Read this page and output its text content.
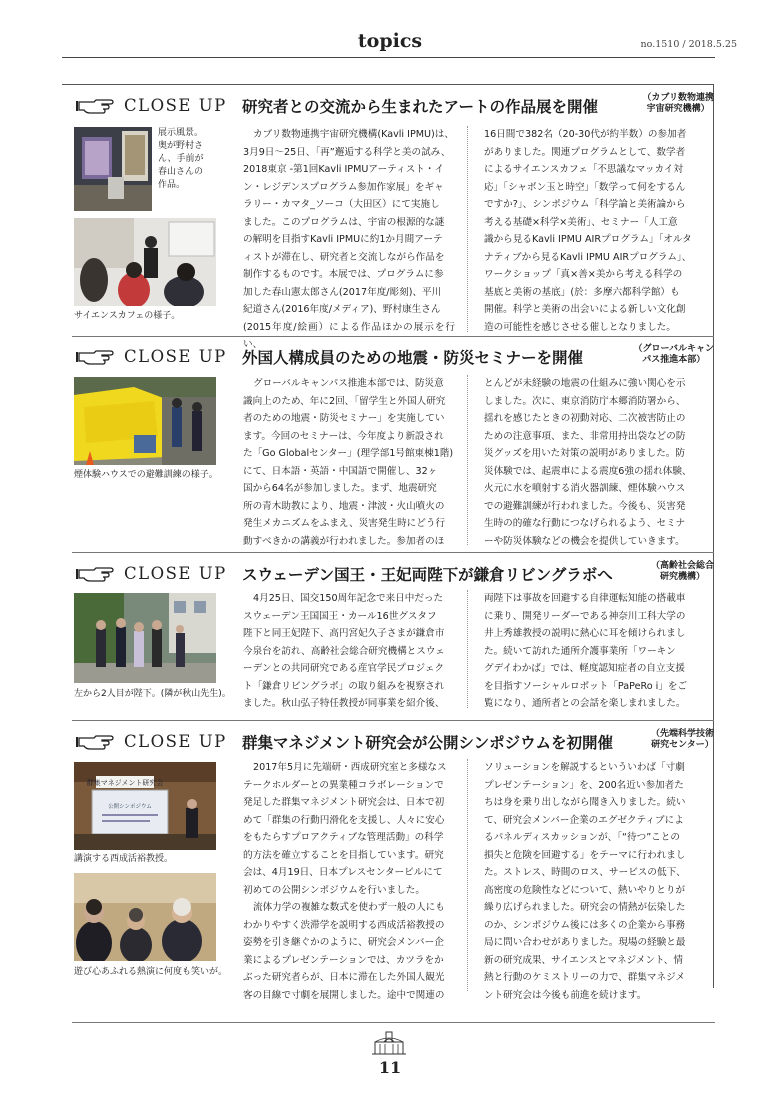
topics	no.1510 / 2018.5.25
CLOSE UP 研究者との交流から生まれたアートの作品展を開催	（カブリ数物連携
宇宙研究機構）
展示風景。
奥が野村さ
ん、手前が
春山さんの
作品。
サイエンスカフェの様子。
カブリ数物連携宇宙研究機構(Kavli IPMU)は、
3月9日〜25日、「再”邂逅する科学と美の試み、
2018東京 -第1回Kavli IPMUアーティスト・イ
ン・レジデンスプログラム参加作家展」をギャ
ラリー・カマタ_ソーコ（大田区）にて実施し
ました。このプログラムは、宇宙の根源的な謎
の解明を目指すKavli IPMUに約1か月間アーテ
ィストが滞在し、研究者と交流しながら作品を
制作するものです。本展では、プログラムに参
加した春山憲太郎さん(2017年度/彫刻)、平川
紀道さん(2016年度/メディア)、野村康生さん
(2015年度/絵画）による作品ほかの展示を行い、
16日間で382名（20-30代が約半数）の参加者
がありました。関連プログラムとして、数学者
によるサイエンスカフェ「不思議なマッカイ対
応」「シャボン玉と時空」「数学って何をするん
ですか?」、シンポジウム「科学論と美術論から
考える基礎×科学×美術」、セミナー「人工意
識から見るKavli IPMU AIRプログラム」「オルタ
ナティブから見るKavli IPMU AIRプログラム」、
ワークショップ「真×善×美から考える科学の
基底と美術の基底」(於：多摩六都科学館）も
開催。科学と美術の出会いによる新しい文化創
造の可能性を感じさせる催しとなりました。
CLOSE UP 外国人構成員のための地震・防災セミナーを開催	（グローバルキャン
パス推進本部）
煙体験ハウスでの避難訓練の様子。
グローバルキャンパス推進本部では、防災意
識向上のため、年に2回、「留学生と外国人研究
者のための地震・防災セミナー」を実施してい
ます。今回のセミナーは、今年度より新設され
た「Go Globalセンター」(理学部1号館東棟1階)
にて、日本語・英語・中国語で開催し、32ヶ
国から64名が参加しました。まず、地震研究
所の青木助教により、地震・津波・火山噴火の
発生メカニズムをふまえ、災害発生時にどう行
動すべきかの講義が行われました。参加者のほ
とんどが未経験の地震の仕組みに強い関心を示
しました。次に、東京消防庁本郷消防署から、
揺れを感じたときの初動対応、二次被害防止の
ための注意事項、また、非常用持出袋などの防
災グッズを用いた対策の説明がありました。防
災体験では、起震車による震度6強の揺れ体験、
火元に水を噴射する消火器訓練、煙体験ハウス
での避難訓練が行われました。今後も、災害発
生時の的確な行動につなげられるよう、セミナ
ーや防災体験などの機会を提供していきます。
CLOSE UP スウェーデン国王・王妃両陛下が鎌倉リビングラボへ	（高齢社会総合
研究機構）
左から2人目が陛下。(隣が秋山先生)。
4月25日、国交150周年記念で来日中だった
スウェーデン王国国王・カール16世グスタフ
陛下と同王妃陛下、高円宮妃久子さまが鎌倉市
今泉台を訪れ、高齢社会総合研究機構とスウェ
ーデンとの共同研究である産官学民プロジェク
ト「鎌倉リビングラボ」の取り組みを視察され
ました。秋山弘子特任教授が同事業を紹介後、
両陛下は事故を回避する自律運転知能の搭載車
に乗り、開発リーダーである神奈川工科大学の
井上秀雄教授の説明に熱心に耳を傾けられまし
た。続いて訪れた通所介護事業所「ワーキン
グデイわかば」では、軽度認知症者の自立支援
を目指すソーシャルロボット「PaPeRo i」をご
覧になり、通所者との会話を楽しまれました。
CLOSE UP 群集マネジメント研究会が公開シンポジウムを初開催	（先端科学技術
研究センター）
群集マネジメント研究会
公開シンポジウム
講演する西成活裕教授。
遊び心あふれる熱演に何度も笑いが。
2017年5月に先端研・西成研究室と多様なス
テークホルダーとの異業種コラボレーションで
発足した群集マネジメント研究会は、日本で初
めて「群集の行動円滑化を支援し、人々に安心
をもたらすプロアクティブな管理活動」の科学
的方法を確立することを目指しています。研究
会は、4月19日、日本プレスセンタービルにて
初めての公開シンポジウムを行いました。
流体力学の複雑な数式を使わず一般の人にも
わかりやすく渋滞学を説明する西成活裕教授の
姿勢を引き継ぐかのように、研究会メンバー企
業によるプレゼンテーションでは、カツラをか
ぶった研究者らが、日本に滞在した外国人観光
客の目線で寸劇を展開しました。途中で関連の
ソリューションを解説するといういわば「寸劇
プレゼンテーション」を、200名近い参加者た
ちは身を乗り出しながら聞き入りました。続い
て、研究会メンバー企業のエグゼクティブによ
るパネルディスカッションが、「“待つ”ことの
損失と危険を回避する」をテーマに行われまし
た。ストレス、時間のロス、サービスの低下、
高密度の危険性などについて、熱いやりとりが
繰り広げられました。研究会の情熱が伝染した
のか、シンポジウム後には多くの企業から事務
局に問い合わせがありました。現場の経験と最
新の研究成果、サイエンスとマネジメント、情
熱と行動のケミストリーの力で、群集マネジメ
ント研究会は今後も前進を続けます。
11
